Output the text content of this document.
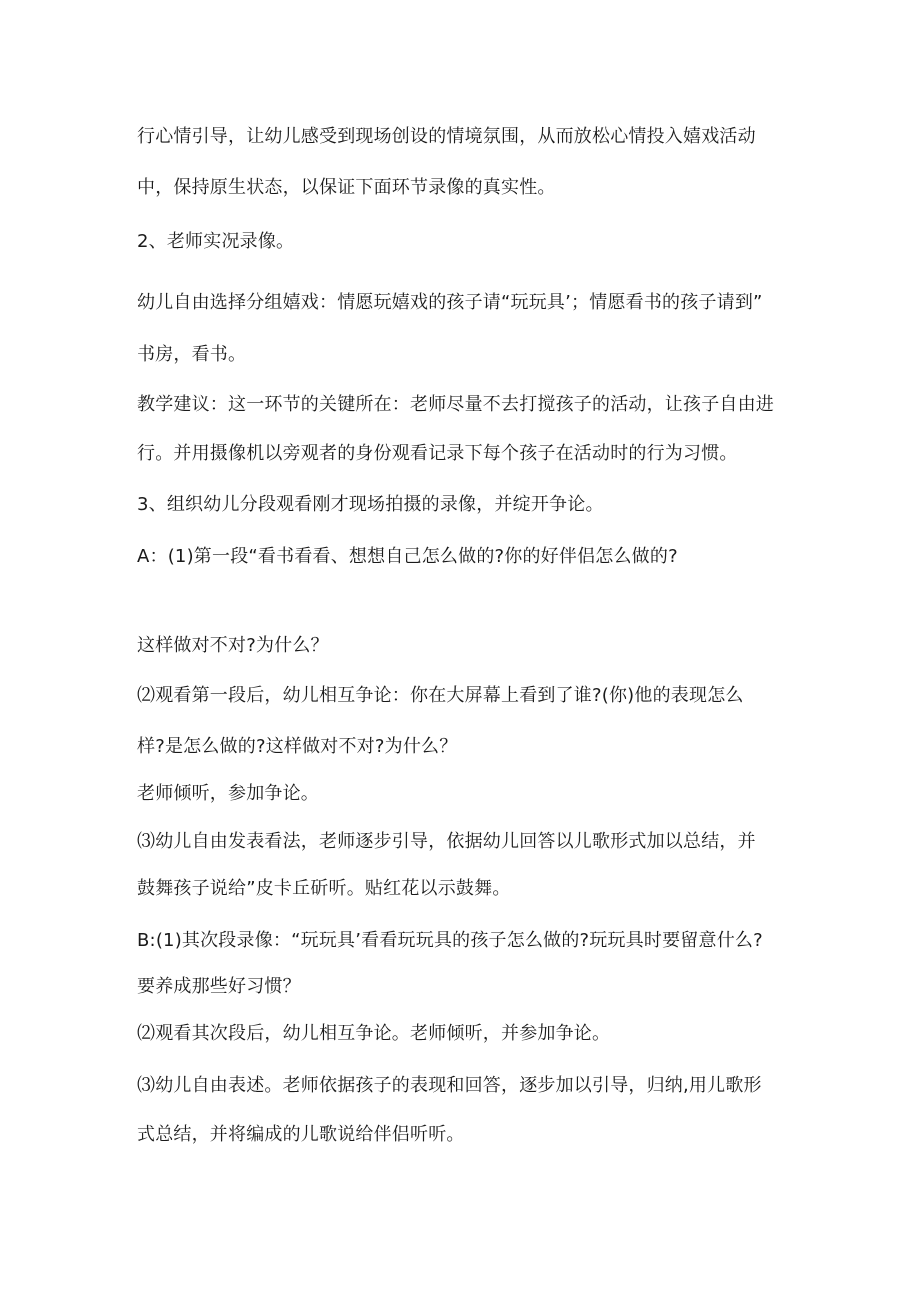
行心情引导，让幼儿感受到现场创设的情境氛围，从而放松心情投入嬉戏活动
中，保持原生状态，以保证下面环节录像的真实性。
2、老师实况录像。
幼儿自由选择分组嬉戏：情愿玩嬉戏的孩子请“玩玩具’；情愿看书的孩子请到”
书房，看书。
教学建议：这一环节的关键所在：老师尽量不去打搅孩子的活动，让孩子自由进
行。并用摄像机以旁观者的身份观看记录下每个孩子在活动时的行为习惯。
3、组织幼儿分段观看刚才现场拍摄的录像，并绽开争论。
A：(1)第一段“看书看看、想想自己怎么做的?你的好伴侣怎么做的?
这样做对不对?为什么？
⑵观看第一段后，幼儿相互争论：你在大屏幕上看到了谁?(你)他的表现怎么
样?是怎么做的?这样做对不对?为什么？
老师倾听，参加争论。
⑶幼儿自由发表看法，老师逐步引导，依据幼儿回答以儿歌形式加以总结，并
鼓舞孩子说给”皮卡丘斫听。贴红花以示鼓舞。
B:(1)其次段录像：“玩玩具’看看玩玩具的孩子怎么做的?玩玩具时要留意什么?
要养成那些好习惯？
⑵观看其次段后，幼儿相互争论。老师倾听，并参加争论。
⑶幼儿自由表述。老师依据孩子的表现和回答，逐步加以引导，归纳,用儿歌形
式总结，并将编成的儿歌说给伴侣听听。
